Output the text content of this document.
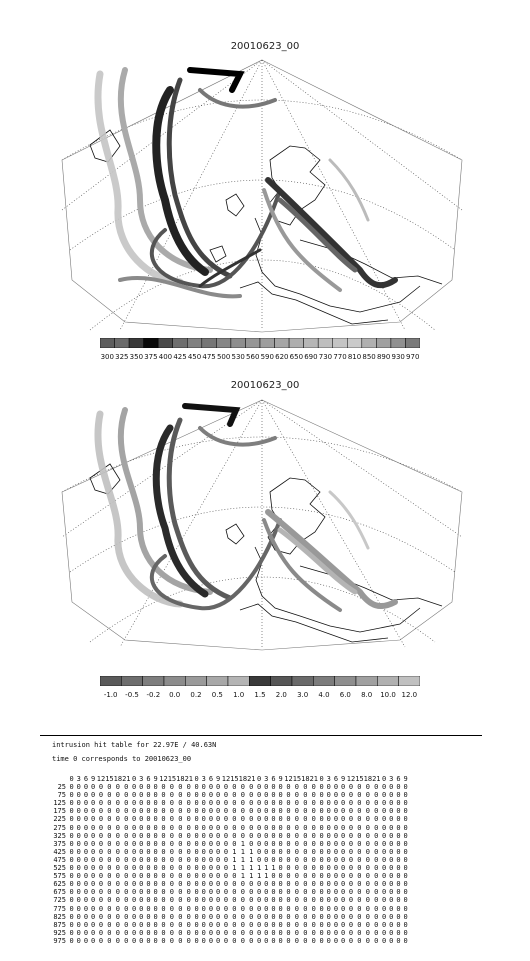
20010623_00
300 325 350 375 400 425 450 475 500 530 560 590 620 650 690 730 770 810 850 890 930 970
20010623_00
-1.0 -0.5 -0.2 0.0 0.2 0.5 1.0 1.5 2.0 3.0 4.0 6.0 8.0 10.0 12.0
intrusion hit table for 22.97E / 40.63N
time 0 corresponds to 20010623_00
	0	3	6	9	12	15	18	21	0	3	6	9	12	15	18	21	0	3	6	9	12	15	18	21	0	3	6	9	12	15	18	21	0	3	6	9	12	15	18	21	0	3	6	9
25	0	0	0	0	0	0	0	0	0	0	0	0	0	0	0	0	0	0	0	0	0	0	0	0	0	0	0	0	0	0	0	0	0	0	0	0	0	0	0	0	0	0	0	0
75	0	0	0	0	0	0	0	0	0	0	0	0	0	0	0	0	0	0	0	0	0	0	0	0	0	0	0	0	0	0	0	0	0	0	0	0	0	0	0	0	0	0	0	0
125	0	0	0	0	0	0	0	0	0	0	0	0	0	0	0	0	0	0	0	0	0	0	0	0	0	0	0	0	0	0	0	0	0	0	0	0	0	0	0	0	0	0	0	0
175	0	0	0	0	0	0	0	0	0	0	0	0	0	0	0	0	0	0	0	0	0	0	0	0	0	0	0	0	0	0	0	0	0	0	0	0	0	0	0	0	0	0	0	0
225	0	0	0	0	0	0	0	0	0	0	0	0	0	0	0	0	0	0	0	0	0	0	0	0	0	0	0	0	0	0	0	0	0	0	0	0	0	0	0	0	0	0	0	0
275	0	0	0	0	0	0	0	0	0	0	0	0	0	0	0	0	0	0	0	0	0	0	0	0	0	0	0	0	0	0	0	0	0	0	0	0	0	0	0	0	0	0	0	0
325	0	0	0	0	0	0	0	0	0	0	0	0	0	0	0	0	0	0	0	0	0	0	0	0	0	0	0	0	0	0	0	0	0	0	0	0	0	0	0	0	0	0	0	0
375	0	0	0	0	0	0	0	0	0	0	0	0	0	0	0	0	0	0	0	0	0	0	1	0	0	0	0	0	0	0	0	0	0	0	0	0	0	0	0	0	0	0	0	0
425	0	0	0	0	0	0	0	0	0	0	0	0	0	0	0	0	0	0	0	0	0	1	1	1	0	0	0	0	0	0	0	0	0	0	0	0	0	0	0	0	0	0	0	0
475	0	0	0	0	0	0	0	0	0	0	0	0	0	0	0	0	0	0	0	0	0	1	1	1	0	0	0	0	0	0	0	0	0	0	0	0	0	0	0	0	0	0	0	0
525	0	0	0	0	0	0	0	0	0	0	0	0	0	0	0	0	0	0	0	0	0	1	1	1	1	1	1	0	0	0	0	0	0	0	0	0	0	0	0	0	0	0	0	0
575	0	0	0	0	0	0	0	0	0	0	0	0	0	0	0	0	0	0	0	0	0	0	1	1	1	1	0	0	0	0	0	0	0	0	0	0	0	0	0	0	0	0	0	0
625	0	0	0	0	0	0	0	0	0	0	0	0	0	0	0	0	0	0	0	0	0	0	0	0	0	0	0	0	0	0	0	0	0	0	0	0	0	0	0	0	0	0	0	0
675	0	0	0	0	0	0	0	0	0	0	0	0	0	0	0	0	0	0	0	0	0	0	0	0	0	0	0	0	0	0	0	0	0	0	0	0	0	0	0	0	0	0	0	0
725	0	0	0	0	0	0	0	0	0	0	0	0	0	0	0	0	0	0	0	0	0	0	0	0	0	0	0	0	0	0	0	0	0	0	0	0	0	0	0	0	0	0	0	0
775	0	0	0	0	0	0	0	0	0	0	0	0	0	0	0	0	0	0	0	0	0	0	0	0	0	0	0	0	0	0	0	0	0	0	0	0	0	0	0	0	0	0	0	0
825	0	0	0	0	0	0	0	0	0	0	0	0	0	0	0	0	0	0	0	0	0	0	0	0	0	0	0	0	0	0	0	0	0	0	0	0	0	0	0	0	0	0	0	0
875	0	0	0	0	0	0	0	0	0	0	0	0	0	0	0	0	0	0	0	0	0	0	0	0	0	0	0	0	0	0	0	0	0	0	0	0	0	0	0	0	0	0	0	0
925	0	0	0	0	0	0	0	0	0	0	0	0	0	0	0	0	0	0	0	0	0	0	0	0	0	0	0	0	0	0	0	0	0	0	0	0	0	0	0	0	0	0	0	0
975	0	0	0	0	0	0	0	0	0	0	0	0	0	0	0	0	0	0	0	0	0	0	0	0	0	0	0	0	0	0	0	0	0	0	0	0	0	0	0	0	0	0	0	0
